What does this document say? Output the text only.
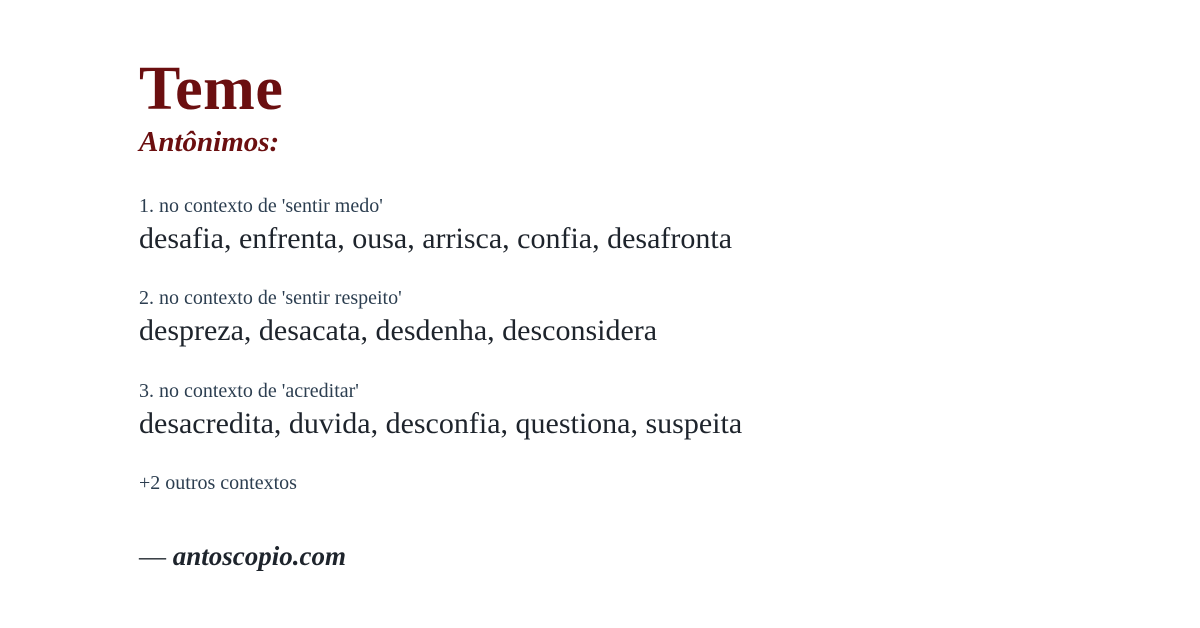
Teme
Antônimos:
1. no contexto de 'sentir medo'
desafia, enfrenta, ousa, arrisca, confia, desafronta
2. no contexto de 'sentir respeito'
despreza, desacata, desdenha, desconsidera
3. no contexto de 'acreditar'
desacredita, duvida, desconfia, questiona, suspeita
+2 outros contextos
— antoscopio.com
